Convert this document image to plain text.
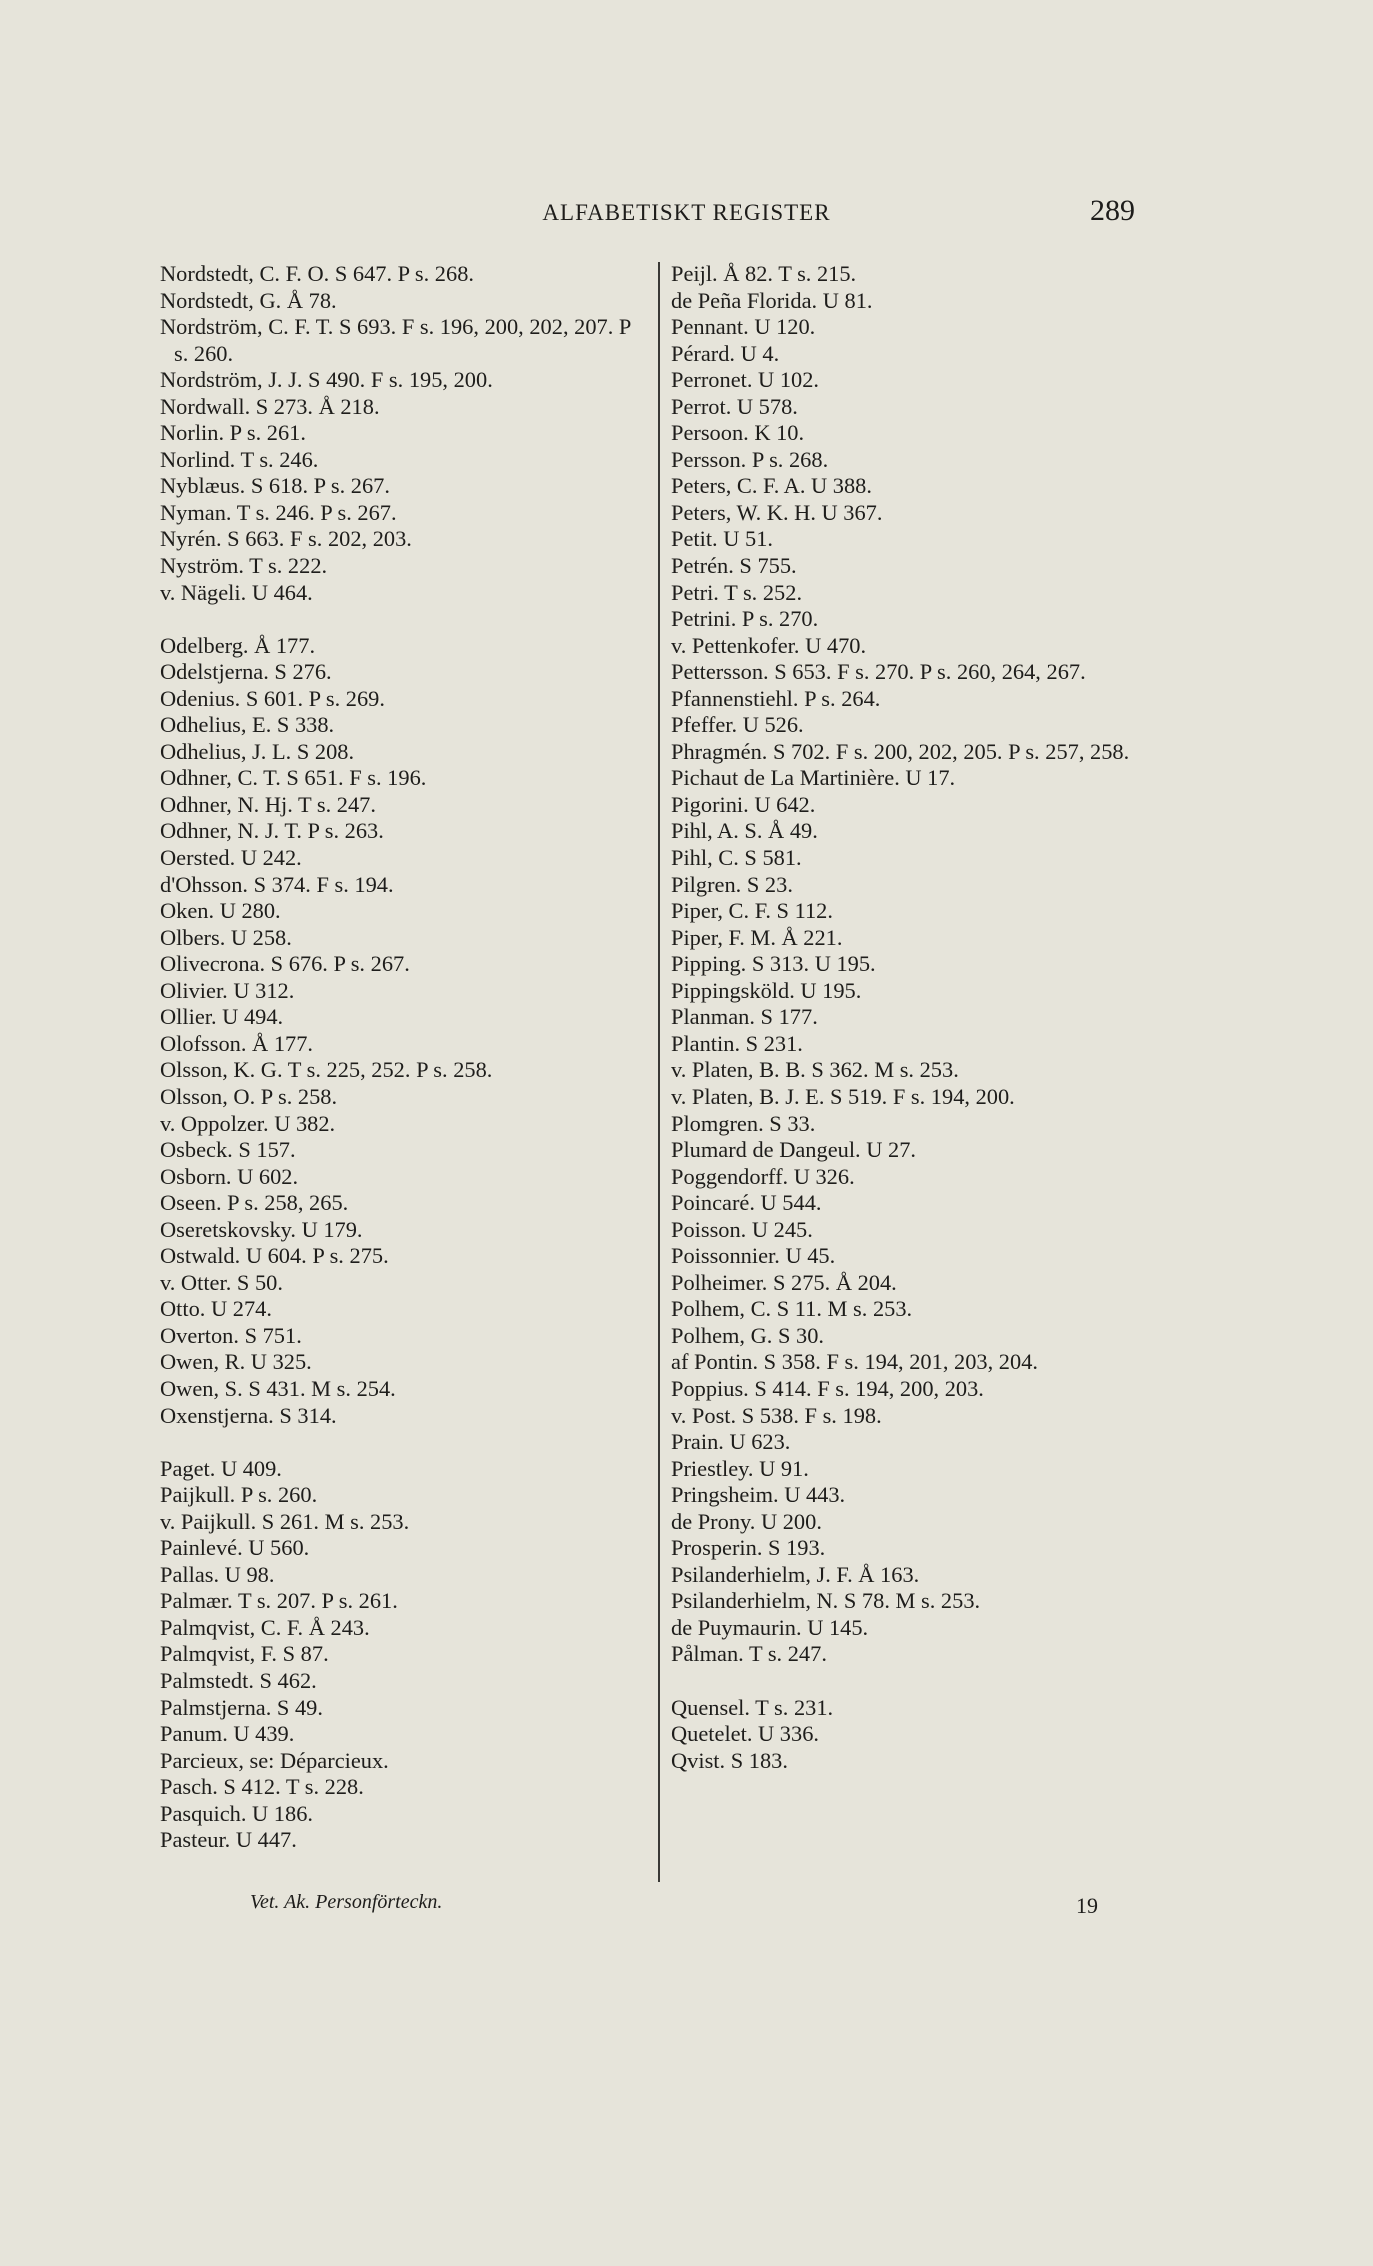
ALFABETISKT REGISTER	289
Nordstedt, C. F. O. S 647. P s. 268.
Nordstedt, G. Å 78.
Nordström, C. F. T. S 693. F s. 196, 200, 202, 207. P s. 260.
Nordström, J. J. S 490. F s. 195, 200.
Nordwall. S 273. Å 218.
Norlin. P s. 261.
Norlind. T s. 246.
Nyblæus. S 618. P s. 267.
Nyman. T s. 246. P s. 267.
Nyrén. S 663. F s. 202, 203.
Nyström. T s. 222.
v. Nägeli. U 464.
Odelberg. Å 177.
Odelstjerna. S 276.
Odenius. S 601. P s. 269.
Odhelius, E. S 338.
Odhelius, J. L. S 208.
Odhner, C. T. S 651. F s. 196.
Odhner, N. Hj. T s. 247.
Odhner, N. J. T. P s. 263.
Oersted. U 242.
d'Ohsson. S 374. F s. 194.
Oken. U 280.
Olbers. U 258.
Olivecrona. S 676. P s. 267.
Olivier. U 312.
Ollier. U 494.
Olofsson. Å 177.
Olsson, K. G. T s. 225, 252. P s. 258.
Olsson, O. P s. 258.
v. Oppolzer. U 382.
Osbeck. S 157.
Osborn. U 602.
Oseen. P s. 258, 265.
Oseretskovsky. U 179.
Ostwald. U 604. P s. 275.
v. Otter. S 50.
Otto. U 274.
Overton. S 751.
Owen, R. U 325.
Owen, S. S 431. M s. 254.
Oxenstjerna. S 314.
Paget. U 409.
Paijkull. P s. 260.
v. Paijkull. S 261. M s. 253.
Painlevé. U 560.
Pallas. U 98.
Palmær. T s. 207. P s. 261.
Palmqvist, C. F. Å 243.
Palmqvist, F. S 87.
Palmstedt. S 462.
Palmstjerna. S 49.
Panum. U 439.
Parcieux, se: Déparcieux.
Pasch. S 412. T s. 228.
Pasquich. U 186.
Pasteur. U 447.
Peijl. Å 82. T s. 215.
de Peña Florida. U 81.
Pennant. U 120.
Pérard. U 4.
Perronet. U 102.
Perrot. U 578.
Persoon. K 10.
Persson. P s. 268.
Peters, C. F. A. U 388.
Peters, W. K. H. U 367.
Petit. U 51.
Petrén. S 755.
Petri. T s. 252.
Petrini. P s. 270.
v. Pettenkofer. U 470.
Pettersson. S 653. F s. 270. P s. 260, 264, 267.
Pfannenstiehl. P s. 264.
Pfeffer. U 526.
Phragmén. S 702. F s. 200, 202, 205. P s. 257, 258.
Pichaut de La Martinière. U 17.
Pigorini. U 642.
Pihl, A. S. Å 49.
Pihl, C. S 581.
Pilgren. S 23.
Piper, C. F. S 112.
Piper, F. M. Å 221.
Pipping. S 313. U 195.
Pippingsköld. U 195.
Planman. S 177.
Plantin. S 231.
v. Platen, B. B. S 362. M s. 253.
v. Platen, B. J. E. S 519. F s. 194, 200.
Plomgren. S 33.
Plumard de Dangeul. U 27.
Poggendorff. U 326.
Poincaré. U 544.
Poisson. U 245.
Poissonnier. U 45.
Polheimer. S 275. Å 204.
Polhem, C. S 11. M s. 253.
Polhem, G. S 30.
af Pontin. S 358. F s. 194, 201, 203, 204.
Poppius. S 414. F s. 194, 200, 203.
v. Post. S 538. F s. 198.
Prain. U 623.
Priestley. U 91.
Pringsheim. U 443.
de Prony. U 200.
Prosperin. S 193.
Psilanderhielm, J. F. Å 163.
Psilanderhielm, N. S 78. M s. 253.
de Puymaurin. U 145.
Pålman. T s. 247.
Quensel. T s. 231.
Quetelet. U 336.
Qvist. S 183.
Vet. Ak. Personförteckn.	19
